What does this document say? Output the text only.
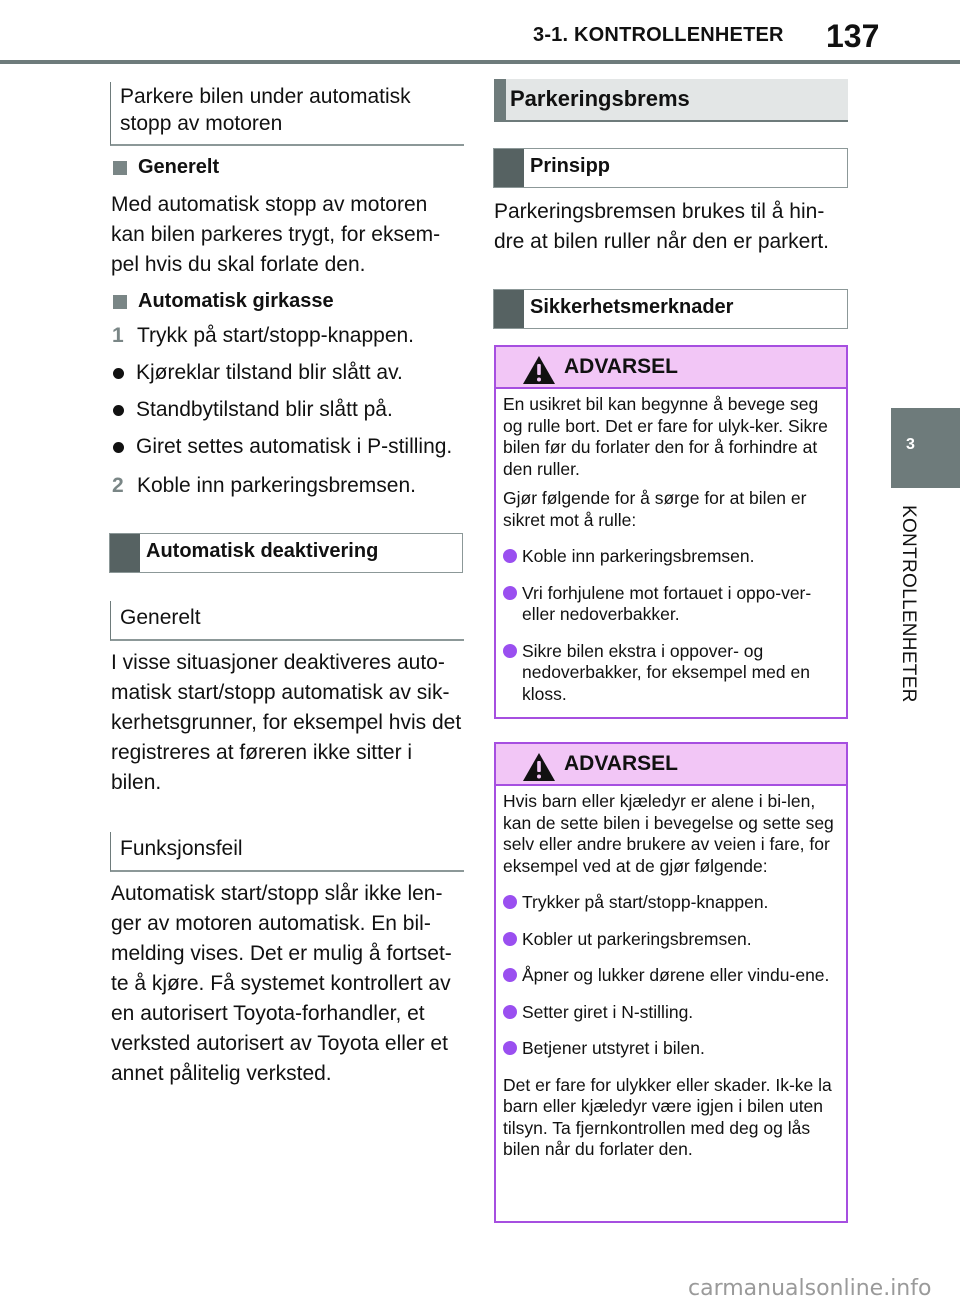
3-1. KONTROLLENHETER 137
3
KONTROLLENHETER
Parkere bilen under automatisk stopp av motoren
Generelt
Med automatisk stopp av motoren kan bilen parkeres trygt, for eksem-pel hvis du skal forlate den.
Automatisk girkasse
1 Trykk på start/stopp-knappen.
Kjøreklar tilstand blir slått av.
Standbytilstand blir slått på.
Giret settes automatisk i P-stilling.
2 Koble inn parkeringsbremsen.
Automatisk deaktivering
Generelt
I visse situasjoner deaktiveres auto-matisk start/stopp automatisk av sik-kerhetsgrunner, for eksempel hvis det registreres at føreren ikke sitter i bilen.
Funksjonsfeil
Automatisk start/stopp slår ikke len-ger av motoren automatisk. En bil-melding vises. Det er mulig å fortset-te å kjøre. Få systemet kontrollert av en autorisert Toyota-forhandler, et verksted autorisert av Toyota eller et annet pålitelig verksted.
Parkeringsbrems
Prinsipp
Parkeringsbremsen brukes til å hin-dre at bilen ruller når den er parkert.
Sikkerhetsmerknader
ADVARSEL

En usikret bil kan begynne å bevege seg og rulle bort. Det er fare for ulyk-ker. Sikre bilen før du forlater den for å forhindre at den ruller.

Gjør følgende for å sørge for at bilen er sikret mot å rulle:

Koble inn parkeringsbremsen.
Vri forhjulene mot fortauet i oppo-ver- eller nedoverbakker.
Sikre bilen ekstra i oppover- og nedoverbakker, for eksempel med en kloss.
ADVARSEL

Hvis barn eller kjæledyr er alene i bi-len, kan de sette bilen i bevegelse og sette seg selv eller andre brukere av veien i fare, for eksempel ved at de gjør følgende:

Trykker på start/stopp-knappen.
Kobler ut parkeringsbremsen.
Åpner og lukker dørene eller vindu-ene.
Setter giret i N-stilling.
Betjener utstyret i bilen.

Det er fare for ulykker eller skader. Ik-ke la barn eller kjæledyr være igjen i bilen uten tilsyn. Ta fjernkontrollen med deg og lås bilen når du forlater den.

carmanualsonline.info
